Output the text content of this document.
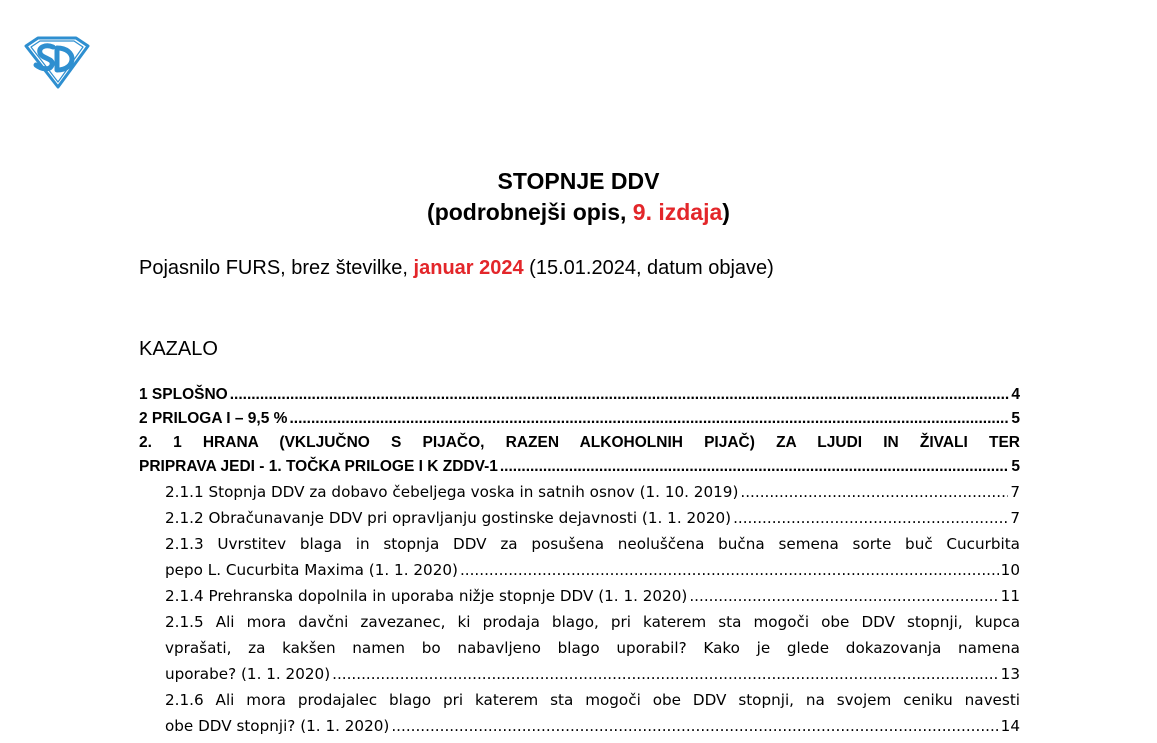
STOPNJE DDV
(podrobnejši opis, 9. izdaja)
Pojasnilo FURS, brez številke, januar 2024 (15.01.2024, datum objave)
KAZALO
1 SPLOŠNO .....	4
2 PRILOGA I – 9,5 % .....	5
2. 1 HRANA (VKLJUČNO S PIJAČO, RAZEN ALKOHOLNIH PIJAČ) ZA LJUDI IN ŽIVALI TER
PRIPRAVA JEDI - 1. TOČKA PRILOGE I K ZDDV-1 .....	5
2.1.1 Stopnja DDV za dobavo čebeljega voska in satnih osnov (1. 10. 2019) .....	7
2.1.2 Obračunavanje DDV pri opravljanju gostinske dejavnosti (1. 1. 2020) .....	7
2.1.3 Uvrstitev blaga in stopnja DDV za posušena neoluščena bučna semena sorte buč Cucurbita
pepo L. Cucurbita Maxima (1. 1. 2020) .....	10
2.1.4 Prehranska dopolnila in uporaba nižje stopnje DDV (1. 1. 2020) .....	11
2.1.5 Ali mora davčni zavezanec, ki prodaja blago, pri katerem sta mogoči obe DDV stopnji, kupca
vprašati, za kakšen namen bo nabavljeno blago uporabil? Kako je glede dokazovanja namena
uporabe? (1. 1. 2020) .....	13
2.1.6 Ali mora prodajalec blago pri katerem sta mogoči obe DDV stopnji, na svojem ceniku navesti
obe DDV stopnji? (1. 1. 2020) .....	14
